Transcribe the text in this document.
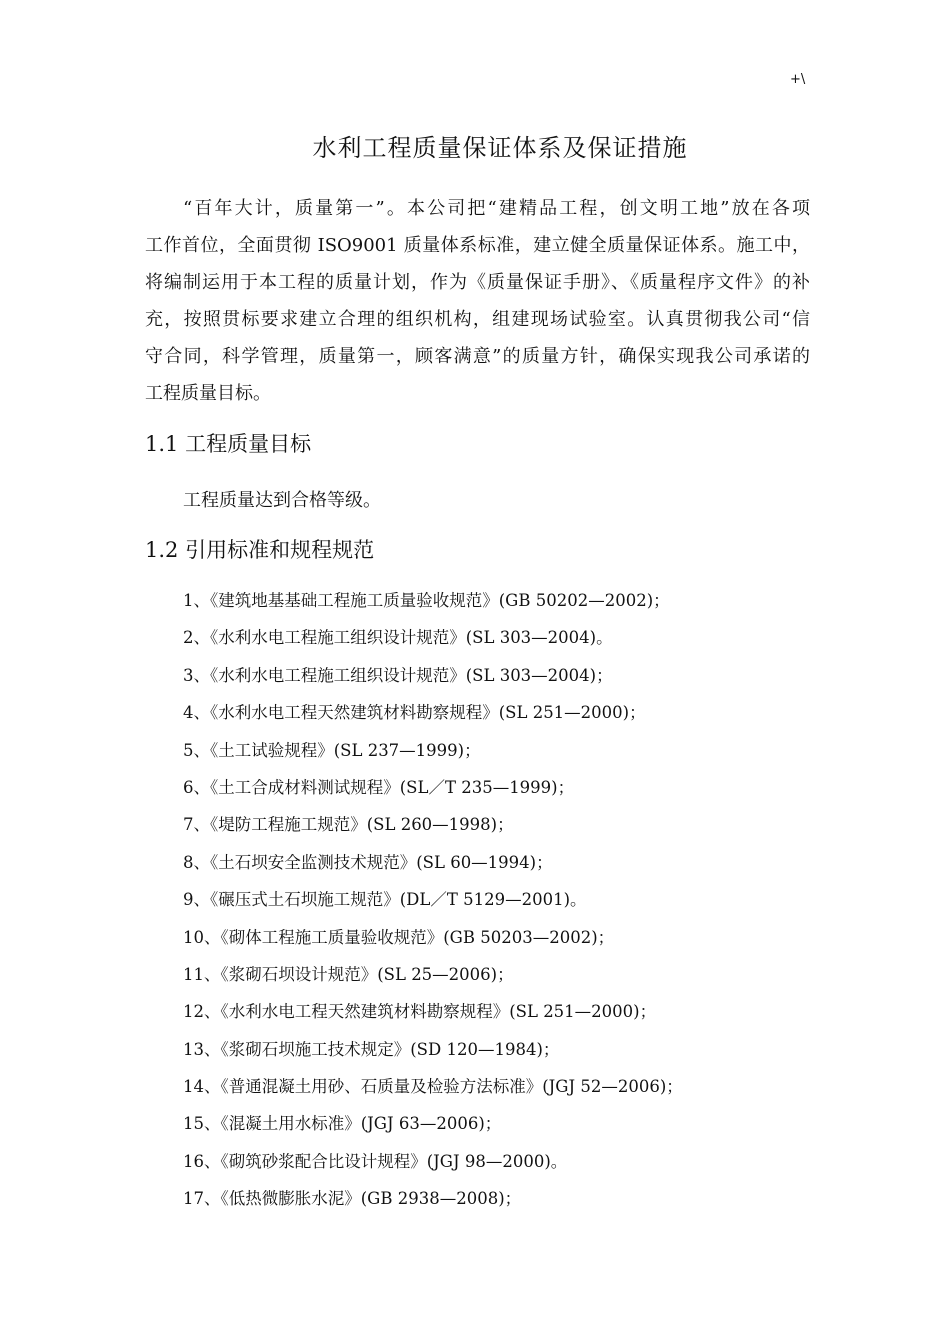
+\
水利工程质量保证体系及保证措施
“百年大计，质量第一”。本公司把“建精品工程，创文明工地”放在各项
工作首位，全面贯彻 ISO9001 质量体系标准，建立健全质量保证体系。施工中，
将编制运用于本工程的质量计划，作为《质量保证手册》、《质量程序文件》的补
充，按照贯标要求建立合理的组织机构，组建现场试验室。认真贯彻我公司“信
守合同，科学管理，质量第一，顾客满意”的质量方针，确保实现我公司承诺的
工程质量目标。
1.1 工程质量目标
工程质量达到合格等级。
1.2 引用标准和规程规范
1、《建筑地基基础工程施工质量验收规范》(GB 50202—2002)；
2、《水利水电工程施工组织设计规范》(SL 303—2004)。
3、《水利水电工程施工组织设计规范》(SL 303—2004)；
4、《水利水电工程天然建筑材料勘察规程》(SL 251—2000)；
5、《土工试验规程》(SL 237—1999)；
6、《土工合成材料测试规程》(SL／T 235—1999)；
7、《堤防工程施工规范》(SL 260—1998)；
8、《土石坝安全监测技术规范》(SL 60—1994)；
9、《碾压式土石坝施工规范》(DL／T 5129—2001)。
10、《砌体工程施工质量验收规范》(GB 50203—2002)；
11、《浆砌石坝设计规范》(SL 25—2006)；
12、《水利水电工程天然建筑材料勘察规程》(SL 251—2000)；
13、《浆砌石坝施工技术规定》(SD 120—1984)；
14、《普通混凝土用砂、石质量及检验方法标准》(JGJ 52—2006)；
15、《混凝土用水标准》(JGJ 63—2006)；
16、《砌筑砂浆配合比设计规程》(JGJ 98—2000)。
17、《低热微膨胀水泥》(GB 2938—2008)；
